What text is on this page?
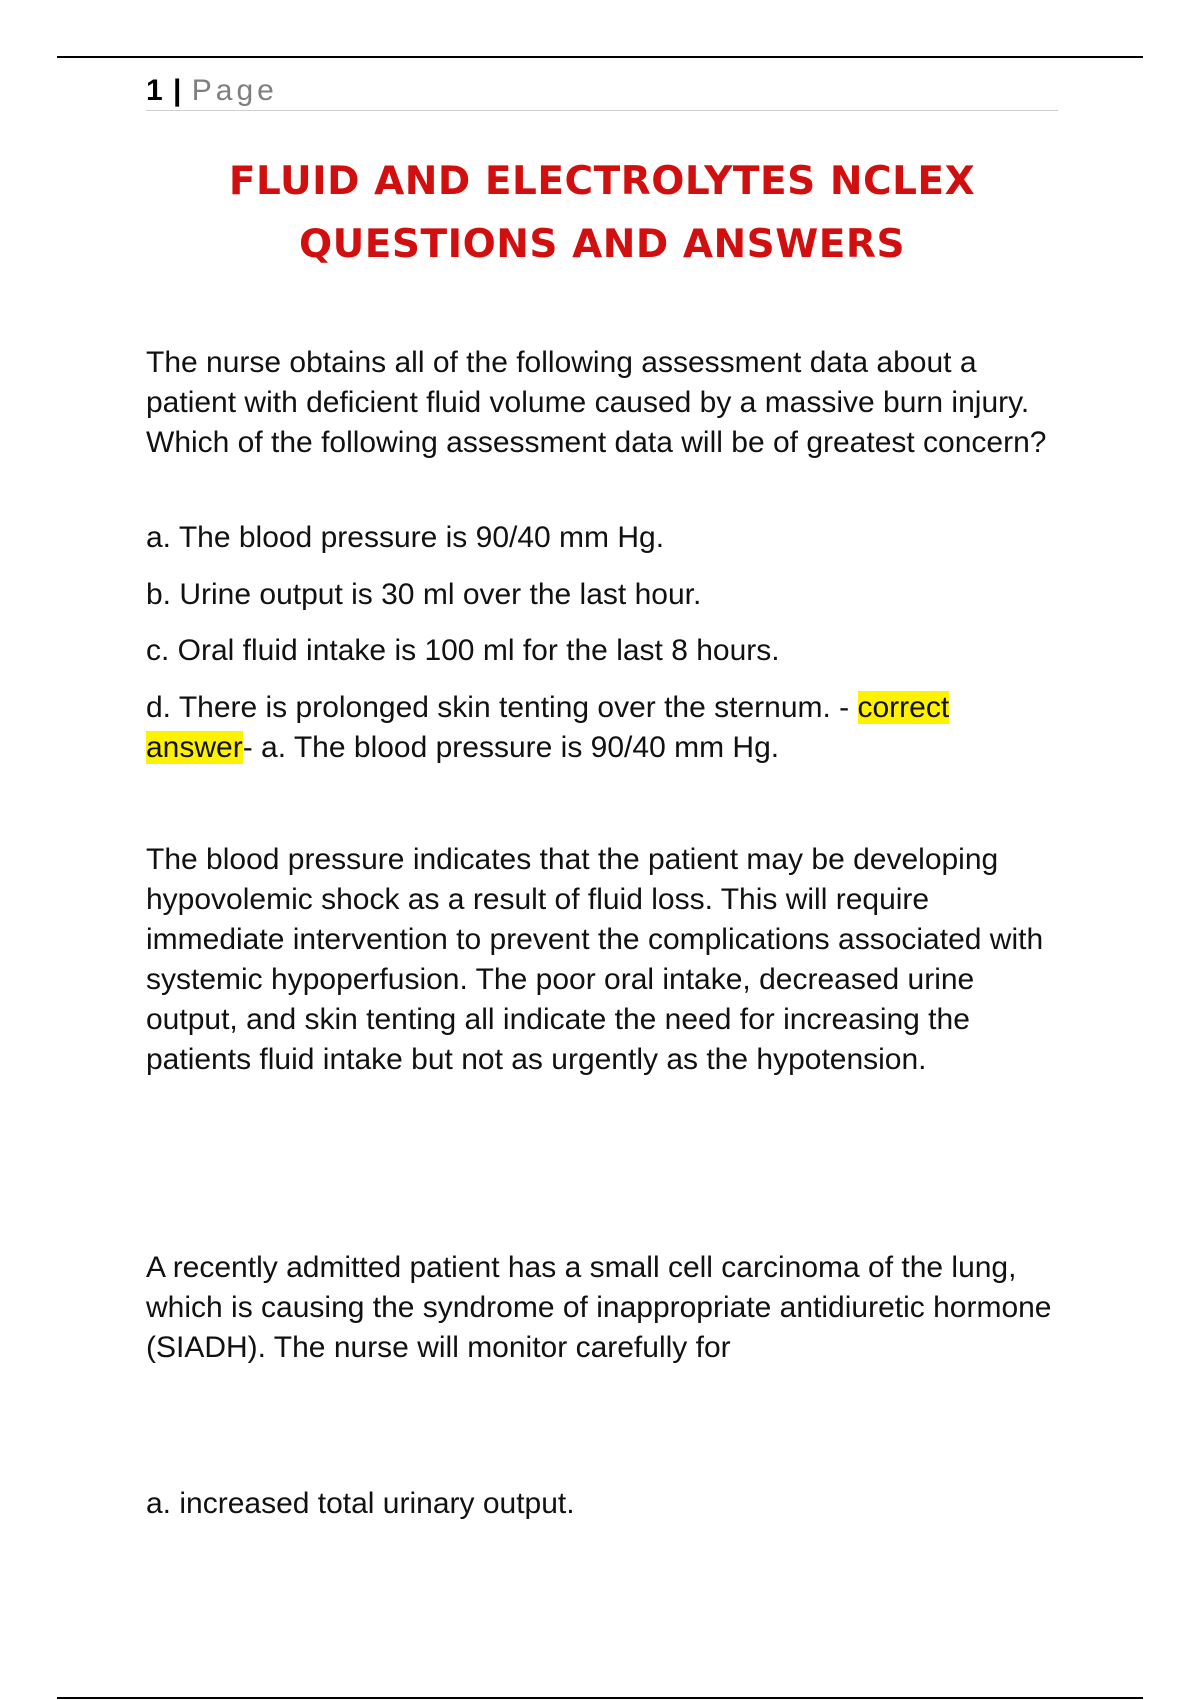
1 | Page
FLUID AND ELECTROLYTES NCLEX
QUESTIONS AND ANSWERS
The nurse obtains all of the following assessment data about a patient with deficient fluid volume caused by a massive burn injury. Which of the following assessment data will be of greatest concern?
a. The blood pressure is 90/40 mm Hg.
b. Urine output is 30 ml over the last hour.
c. Oral fluid intake is 100 ml for the last 8 hours.
d. There is prolonged skin tenting over the sternum. - correct answer- a. The blood pressure is 90/40 mm Hg.
The blood pressure indicates that the patient may be developing hypovolemic shock as a result of fluid loss. This will require immediate intervention to prevent the complications associated with systemic hypoperfusion. The poor oral intake, decreased urine output, and skin tenting all indicate the need for increasing the patients fluid intake but not as urgently as the hypotension.
A recently admitted patient has a small cell carcinoma of the lung, which is causing the syndrome of inappropriate antidiuretic hormone (SIADH). The nurse will monitor carefully for
a. increased total urinary output.
